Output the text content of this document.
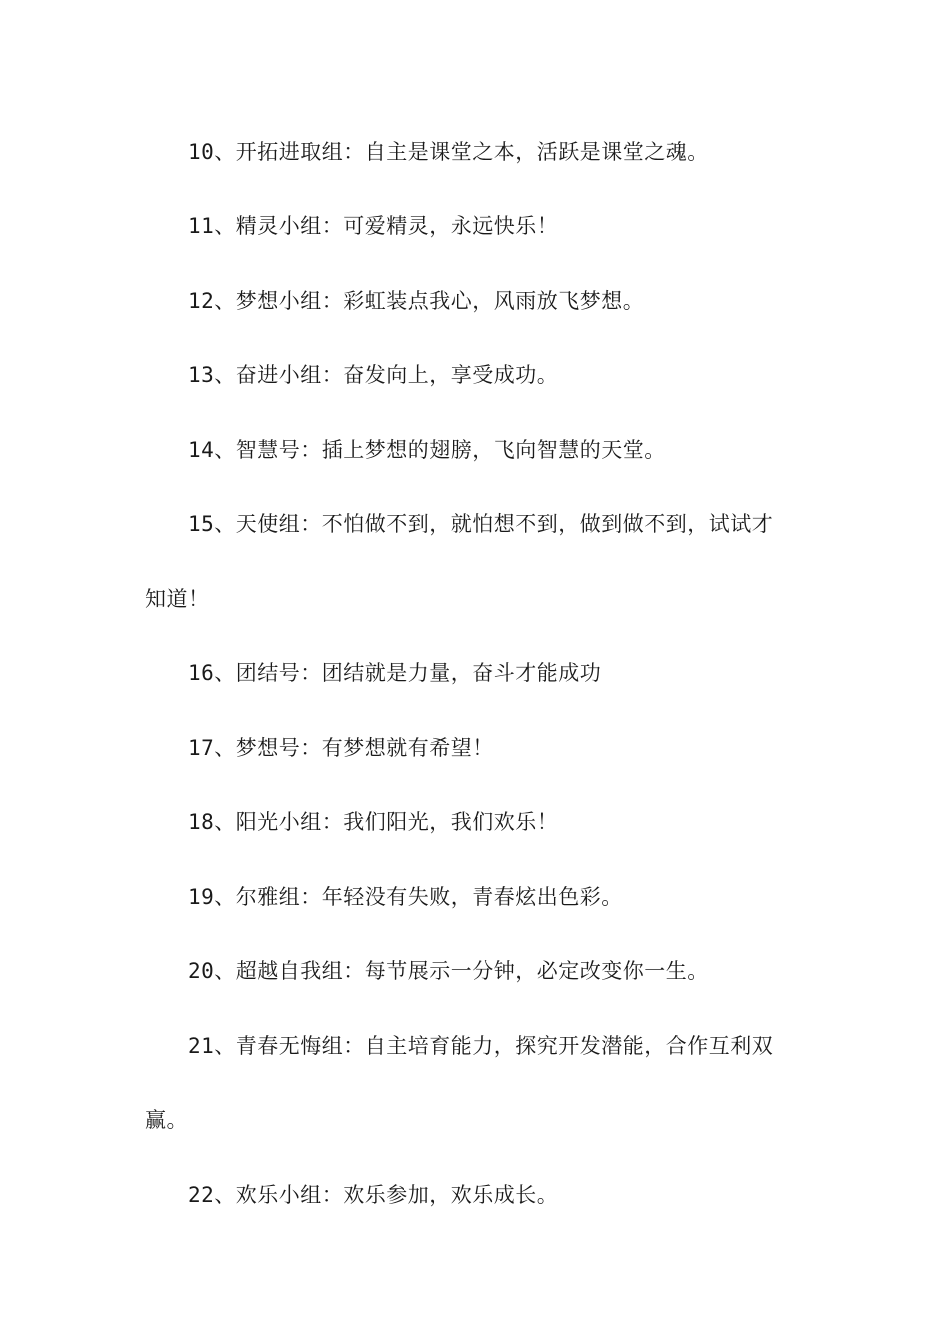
10、开拓进取组：自主是课堂之本，活跃是课堂之魂。
11、精灵小组：可爱精灵，永远快乐！
12、梦想小组：彩虹装点我心，风雨放飞梦想。
13、奋进小组：奋发向上，享受成功。
14、智慧号：插上梦想的翅膀，飞向智慧的天堂。
15、天使组：不怕做不到，就怕想不到，做到做不到，试试才
知道！
16、团结号：团结就是力量，奋斗才能成功
17、梦想号：有梦想就有希望！
18、阳光小组：我们阳光，我们欢乐！
19、尔雅组：年轻没有失败，青春炫出色彩。
20、超越自我组：每节展示一分钟，必定改变你一生。
21、青春无悔组：自主培育能力，探究开发潜能，合作互利双
赢。
22、欢乐小组：欢乐参加，欢乐成长。
